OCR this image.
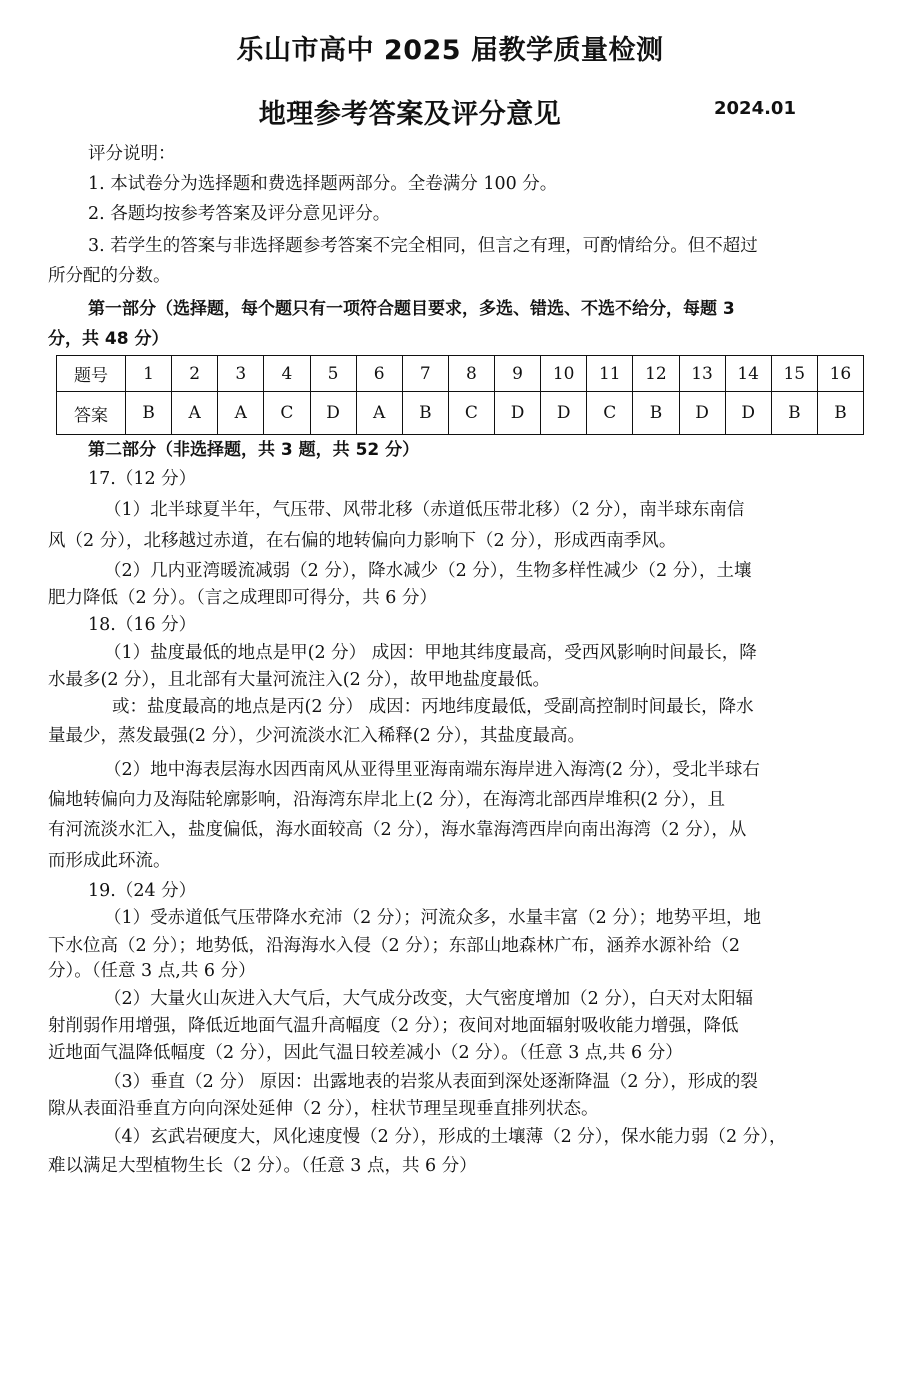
乐山市高中 2025 届教学质量检测
地理参考答案及评分意见	2024.01
评分说明：
1. 本试卷分为选择题和费选择题两部分。全卷满分 100 分。
2. 各题均按参考答案及评分意见评分。
3. 若学生的答案与非选择题参考答案不完全相同，但言之有理，可酌情给分。但不超过
所分配的分数。
第一部分（选择题，每个题只有一项符合题目要求，多选、错选、不选不给分，每题 3
分，共 48 分）
题号	1	2	3	4	5	6	7	8	9	10	11	12	13	14	15	16
答案	B	A	A	C	D	A	B	C	D	D	C	B	D	D	B	B
第二部分（非选择题，共 3 题，共 52 分）
17.（12 分）
（1）北半球夏半年，气压带、风带北移（赤道低压带北移）（2 分），南半球东南信
风（2 分），北移越过赤道，在右偏的地转偏向力影响下（2 分），形成西南季风。
（2）几内亚湾暖流减弱（2 分），降水减少（2 分），生物多样性减少（2 分），土壤
肥力降低（2 分）。（言之成理即可得分，共 6 分）
18.（16 分）
（1）盐度最低的地点是甲(2 分） 成因：甲地其纬度最高，受西风影响时间最长，降
水最多(2 分），且北部有大量河流注入(2 分），故甲地盐度最低。
或：盐度最高的地点是丙(2 分） 成因：丙地纬度最低，受副高控制时间最长，降水
量最少，蒸发最强(2 分），少河流淡水汇入稀释(2 分），其盐度最高。
（2）地中海表层海水因西南风从亚得里亚海南端东海岸进入海湾(2 分），受北半球右
偏地转偏向力及海陆轮廓影响，沿海湾东岸北上(2 分），在海湾北部西岸堆积(2 分），且
有河流淡水汇入，盐度偏低，海水面较高（2 分），海水靠海湾西岸向南出海湾（2 分），从
而形成此环流。
19.（24 分）
（1）受赤道低气压带降水充沛（2 分）；河流众多，水量丰富（2 分）；地势平坦，地
下水位高（2 分）；地势低，沿海海水入侵（2 分）；东部山地森林广布，涵养水源补给（2
分）。（任意 3 点,共 6 分）
（2）大量火山灰进入大气后，大气成分改变，大气密度增加（2 分），白天对太阳辐
射削弱作用增强，降低近地面气温升高幅度（2 分）；夜间对地面辐射吸收能力增强，降低
近地面气温降低幅度（2 分），因此气温日较差减小（2 分）。（任意 3 点,共 6 分）
（3）垂直（2 分） 原因：出露地表的岩浆从表面到深处逐渐降温（2 分），形成的裂
隙从表面沿垂直方向向深处延伸（2 分），柱状节理呈现垂直排列状态。
（4）玄武岩硬度大，风化速度慢（2 分），形成的土壤薄（2 分），保水能力弱（2 分），
难以满足大型植物生长（2 分）。（任意 3 点，共 6 分）
